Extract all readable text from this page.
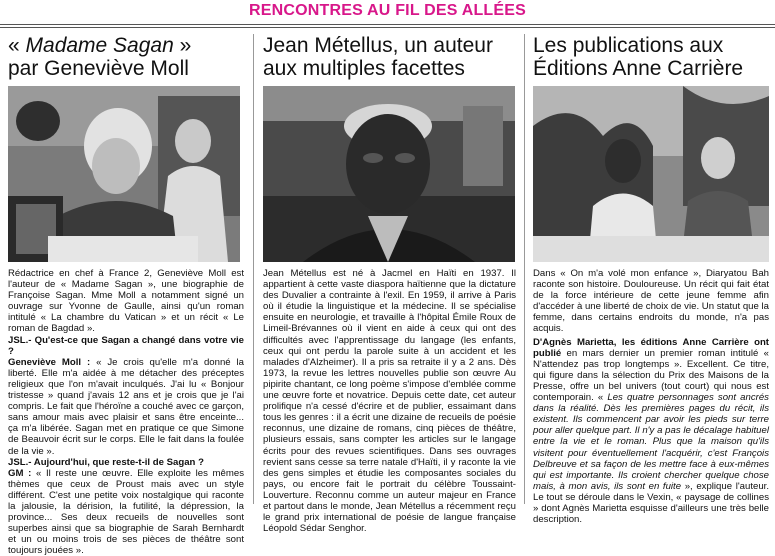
RENCONTRES AU FIL DES ALLÉES
« Madame Sagan »
par Geneviève Moll

Rédactrice en chef à France 2, Geneviève Moll est l'auteur de « Madame Sagan », une biographie de Françoise Sagan. Mme Moll a notamment signé un ouvrage sur Yvonne de Gaulle, ainsi qu'un roman intitulé « La chambre du Vatican » et un récit « Le roman de Bagdad ».

JSL.- Qu'est-ce que Sagan a changé dans votre vie ?

Geneviève Moll : « Je crois qu'elle m'a donné la liberté. Elle m'a aidée à me détacher des préceptes religieux que l'on m'avait inculqués. J'ai lu « Bonjour tristesse » quand j'avais 12 ans et je crois que je l'ai compris. Le fait que l'héroïne a couché avec ce garçon, sans amour mais avec plaisir et sans être enceinte... ça m'a libérée. Sagan met en pratique ce que Simone de Beauvoir écrit sur le corps. Elle le fait dans la foulée de la vie ».

JSL.- Aujourd'hui, que reste-t-il de Sagan ?

GM : « Il reste une œuvre. Elle exploite les mêmes thèmes que ceux de Proust mais avec un style différent. C'est une petite voix nostalgique qui raconte la jalousie, la dérision, la futilité, la dépression, la province... Ses deux recueils de nouvelles sont superbes ainsi que sa biographie de Sarah Bernhardt et un ou moins trois de ses pièces de théâtre sont toujours jouées ».

Jean Métellus, un auteur
aux multiples facettes

Jean Métellus est né à Jacmel en Haïti en 1937. Il appartient à cette vaste diaspora haïtienne que la dictature des Duvalier a contrainte à l'exil. En 1959, il arrive à Paris où il étudie la linguistique et la médecine. Il se spécialise ensuite en neurologie, et travaille à l'hôpital Émile Roux de Limeil-Brévannes où il vient en aide à ceux qui ont des difficultés avec l'apprentissage du langage (les enfants, ceux qui ont perdu la parole suite à un accident et les malades d'Alzheimer). Il a pris sa retraite il y a 2 ans. Dès 1973, la revue les lettres nouvelles publie son œuvre Au pipirite chantant, ce long poème s'impose d'emblée comme une œuvre forte et novatrice. Depuis cette date, cet auteur prolifique n'a cessé d'écrire et de publier, essaimant dans tous les genres : il a écrit une dizaine de recueils de poésie reconnus, une dizaine de romans, cinq pièces de théâtre, plusieurs essais, sans compter les articles sur le langage écrits pour des revues scientifiques. Dans ses ouvrages revient sans cesse sa terre natale d'Haïti, il y raconte la vie des gens simples et étudie les composantes sociales du pays, ou encore fait le portrait du célèbre Toussaint-Louverture. Reconnu comme un auteur majeur en France et partout dans le monde, Jean Métellus a récemment reçu le grand prix international de poésie de langue française Léopold Sédar Senghor.

Les publications aux
Éditions Anne Carrière

Dans « On m'a volé mon enfance », Diaryatou Bah raconte son histoire. Douloureuse. Un récit qui fait état de la force intérieure de cette jeune femme afin d'accéder à une liberté de choix de vie. Un statut que la femme, dans certains endroits du monde, n'a pas acquis.

D'Agnès Marietta, les éditions Anne Carrière ont publié en mars dernier un premier roman intitulé « N'attendez pas trop longtemps ». Excellent. Ce titre, qui figure dans la sélection du Prix des Maisons de la Presse, offre un bel univers (tout court) qui nous est contemporain. « Les quatre personnages sont ancrés dans la réalité. Dès les premières pages du récit, ils existent. Ils commencent par avoir les pieds sur terre pour aller quelque part. Il n'y a pas le décalage habituel entre la vie et le roman. Plus que la maison qu'ils visitent pour éventuellement l'acquérir, c'est François Delbreuve et sa façon de les mettre face à eux-mêmes qui est importante. Ils croient chercher quelque chose mais, à mon avis, ils sont en fuite », explique l'auteur. Le tout se déroule dans le Vexin, « paysage de collines » dont Agnès Marietta esquisse d'ailleurs une très belle description.
